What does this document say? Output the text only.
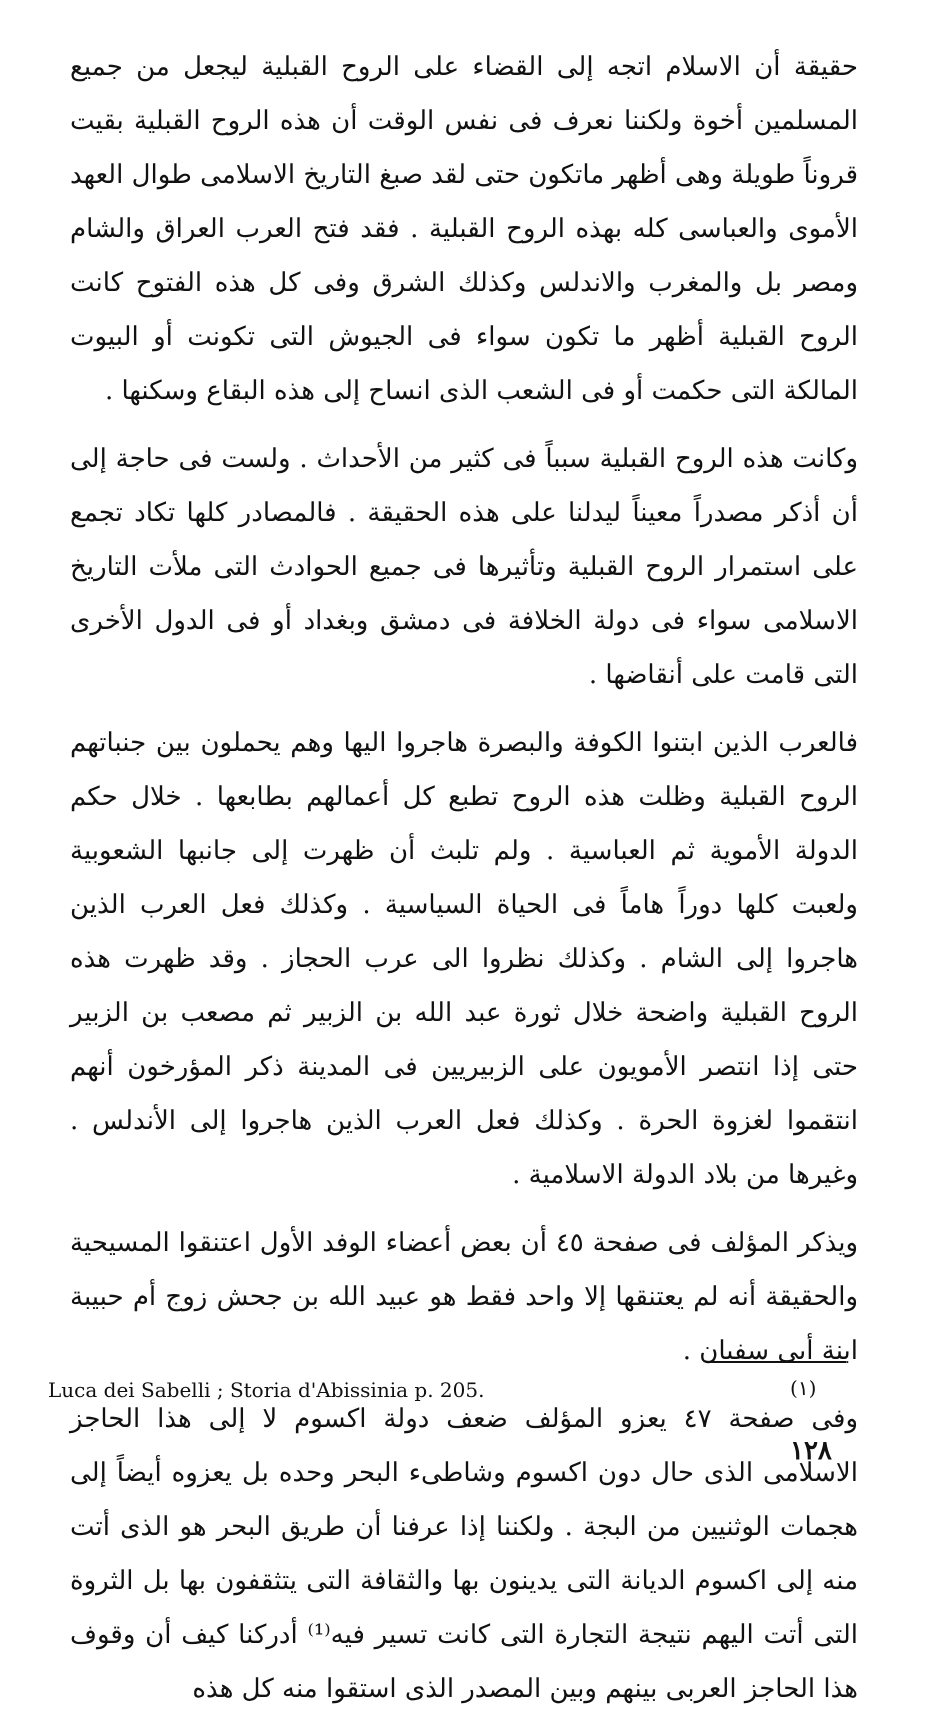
حقيقة أن الاسلام اتجه إلى القضاء على الروح القبلية ليجعل من جميع المسلمين أخوة ولكننا نعرف فى نفس الوقت أن هذه الروح القبلية بقيت قروناً طويلة وهى أظهر ماتكون حتى لقد صبغ التاريخ الاسلامى طوال العهد الأموى والعباسى كله بهذه الروح القبلية . فقد فتح العرب العراق والشام ومصر بل والمغرب والاندلس وكذلك الشرق وفى كل هذه الفتوح كانت الروح القبلية أظهر ما تكون سواء فى الجيوش التى تكونت أو البيوت المالكة التى حكمت أو فى الشعب الذى انساح إلى هذه البقاع وسكنها .

وكانت هذه الروح القبلية سبباً فى كثير من الأحداث . ولست فى حاجة إلى أن أذكر مصدراً معيناً ليدلنا على هذه الحقيقة . فالمصادر كلها تكاد تجمع على استمرار الروح القبلية وتأثيرها فى جميع الحوادث التى ملأت التاريخ الاسلامى سواء فى دولة الخلافة فى دمشق وبغداد أو فى الدول الأخرى التى قامت على أنقاضها .

فالعرب الذين ابتنوا الكوفة والبصرة هاجروا اليها وهم يحملون بين جنباتهم الروح القبلية وظلت هذه الروح تطبع كل أعمالهم بطابعها . خلال حكم الدولة الأموية ثم العباسية . ولم تلبث أن ظهرت إلى جانبها الشعوبية ولعبت كلها دوراً هاماً فى الحياة السياسية . وكذلك فعل العرب الذين هاجروا إلى الشام . وكذلك نظروا الى عرب الحجاز . وقد ظهرت هذه الروح القبلية واضحة خلال ثورة عبد الله بن الزبير ثم مصعب بن الزبير حتى إذا انتصر الأمويون على الزبيريين فى المدينة ذكر المؤرخون أنهم انتقموا لغزوة الحرة . وكذلك فعل العرب الذين هاجروا إلى الأندلس . وغيرها من بلاد الدولة الاسلامية .

ويذكر المؤلف فى صفحة ٤٥ أن بعض أعضاء الوفد الأول اعتنقوا المسيحية والحقيقة أنه لم يعتنقها إلا واحد فقط هو عبيد الله بن جحش زوج أم حبيبة ابنة أبى سفيان .

وفى صفحة ٤٧ يعزو المؤلف ضعف دولة اكسوم لا إلى هذا الحاجز الاسلامى الذى حال دون اكسوم وشاطىء البحر وحده بل يعزوه أيضاً إلى هجمات الوثنيين من البجة . ولكننا إذا عرفنا أن طريق البحر هو الذى أتت منه إلى اكسوم الديانة التى يدينون بها والثقافة التى يتثقفون بها بل الثروة التى أتت اليهم نتيجة التجارة التى كانت تسير فيه⁽¹⁾ أدركنا كيف أن وقوف هذا الحاجز العربى بينهم وبين المصدر الذى استقوا منه كل هذه

Luca dei Sabelli ; Storia d'Abissinia p. 205.	(١)
١٢٨
